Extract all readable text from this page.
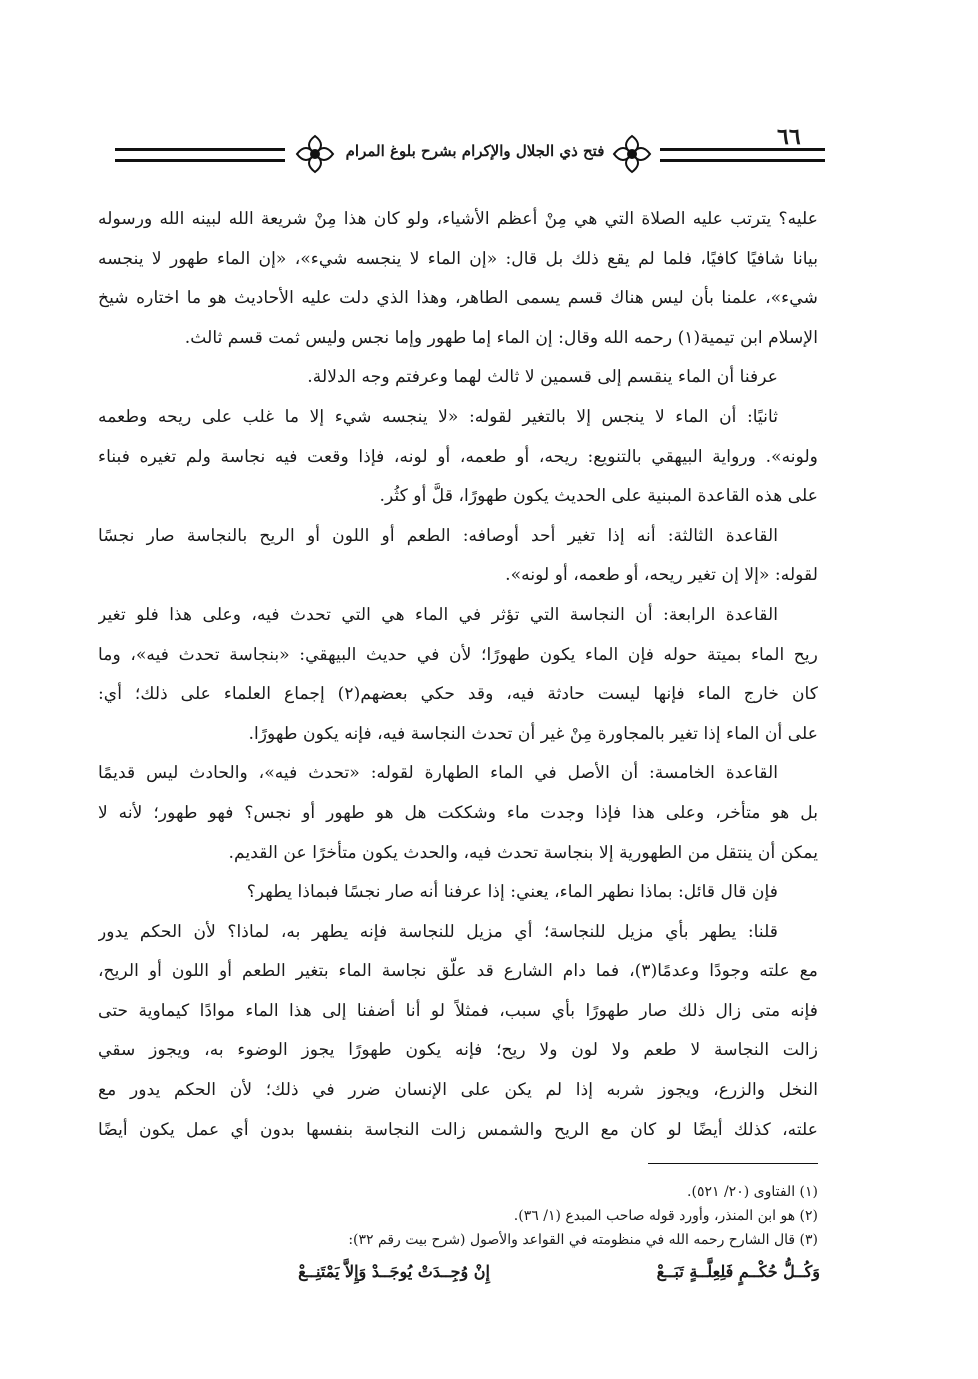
فتح ذي الجلال والإكرام بشرح بلوغ المرام
٦٦
عليه؟ يترتب عليه الصلاة التي هي مِنْ أعظم الأشياء، ولو كان هذا مِنْ شريعة الله لبينه الله ورسوله
بيانا شافيًا كافيًا، فلما لم يقع ذلك بل قال: «إن الماء لا ينجسه شيء»، «إن الماء طهور لا ينجسه
شيء»، علمنا بأن ليس هناك قسم يسمى الطاهر، وهذا الذي دلت عليه الأحاديث هو ما اختاره شيخ
الإسلام ابن تيمية(١) رحمه الله وقال: إن الماء إما طهور وإما نجس وليس ثمت قسم ثالث.
عرفنا أن الماء ينقسم إلى قسمين لا ثالث لهما وعرفتم وجه الدلالة.
ثانيًا: أن الماء لا ينجس إلا بالتغير لقوله: «لا ينجسه شيء إلا ما غلب على ريحه وطعمه
ولونه». ورواية البيهقي بالتنويع: ريحه، أو طعمه، أو لونه، فإذا وقعت فيه نجاسة ولم تغيره فبناء
على هذه القاعدة المبنية على الحديث يكون طهورًا، قلَّ أو كثُر.
القاعدة الثالثة: أنه إذا تغير أحد أوصافه: الطعم أو اللون أو الريح بالنجاسة صار نجسًا
لقوله: «إلا إن تغير ريحه، أو طعمه، أو لونه».
القاعدة الرابعة: أن النجاسة التي تؤثر في الماء هي التي تحدث فيه، وعلى هذا فلو تغير
ريح الماء بميتة حوله فإن الماء يكون طهورًا؛ لأن في حديث البيهقي: «بنجاسة تحدث فيه»، وما
كان خارج الماء فإنها ليست حادثة فيه، وقد حكي بعضهم(٢) إجماع العلماء على ذلك؛ أي:
على أن الماء إذا تغير بالمجاورة مِنْ غير أن تحدث النجاسة فيه، فإنه يكون طهورًا.
القاعدة الخامسة: أن الأصل في الماء الطهارة لقوله: «تحدث فيه»، والحادث ليس قديمًا
بل هو متأخر، وعلى هذا فإذا وجدت ماء وشككت هل هو طهور أو نجس؟ فهو طهور؛ لأنه لا
يمكن أن ينتقل من الطهورية إلا بنجاسة تحدث فيه، والحدث يكون متأخرًا عن القديم.
فإن قال قائل: بماذا نطهر الماء، يعني: إذا عرفنا أنه صار نجسًا فبماذا يطهر؟
قلنا: يطهر بأي مزيل للنجاسة؛ أي مزيل للنجاسة فإنه يطهر به، لماذا؟ لأن الحكم يدور
مع علته وجودًا وعدمًا(٣)، فما دام الشارع قد علّق نجاسة الماء بتغير الطعم أو اللون أو الريح،
فإنه متى زال ذلك صار طهورًا بأي سبب، فمثلاً لو أنا أضفنا إلى هذا الماء موادًا كيماوية حتى
زالت النجاسة لا طعم ولا لون ولا ريح؛ فإنه يكون طهورًا يجوز الوضوء به، ويجوز سقي
النخل والزرع، ويجوز شربه إذا لم يكن على الإنسان ضرر في ذلك؛ لأن الحكم يدور مع
علته، كذلك أيضًا لو كان مع الريح والشمس زالت النجاسة بنفسها بدون أي عمل يكون أيضًا
(١) الفتاوى (٢٠/ ٥٢١).
(٢) هو ابن المنذر، وأورد قوله صاحب المبدع (١/ ٣٦).
(٣) قال الشارح رحمه الله في منظومته في القواعد والأصول (شرح بيت رقم ٣٢):
وَكُــلُّ حُكْــمٍ فَلِعِلَّــةٍ تَبَــعْ
إِنْ وُجِــدَتْ يُوجَــدْ وَإِلاَّ يَمْتَنِــعْ
